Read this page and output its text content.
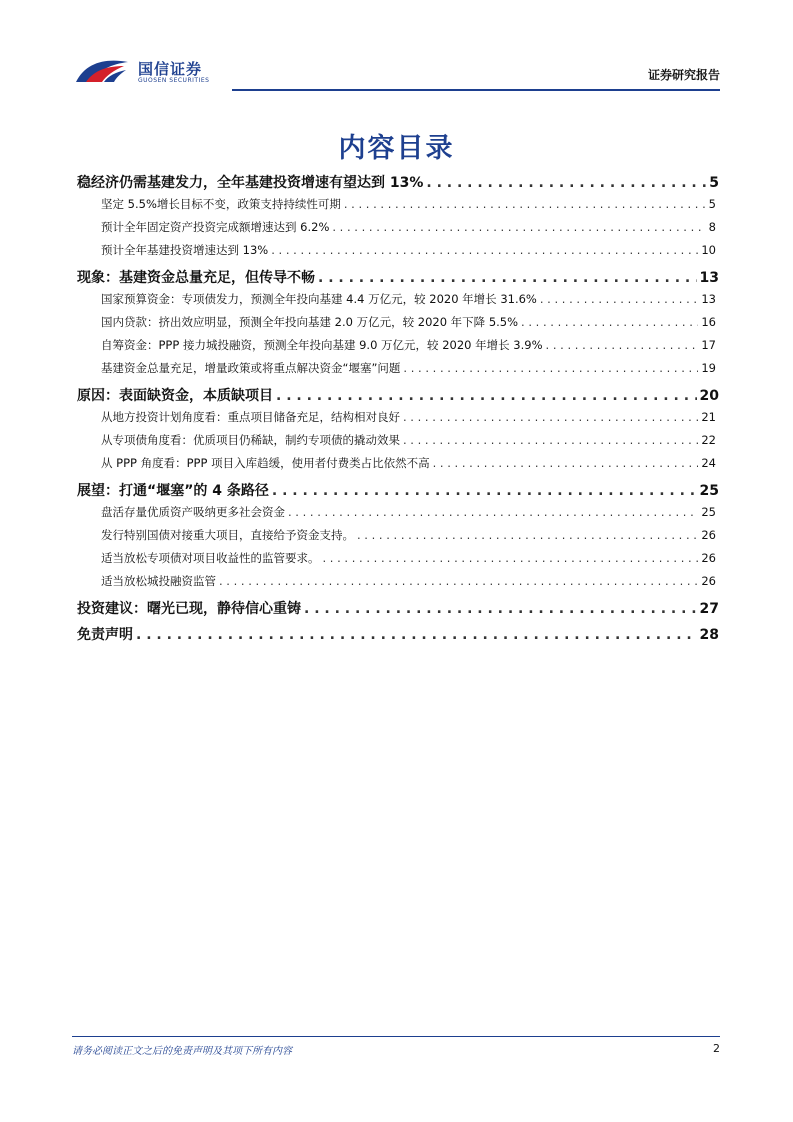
国信证券
GUOSEN SECURITIES	证券研究报告
内容目录
稳经济仍需基建发力，全年基建投资增速有望达到 13% . . .	5
坚定 5.5%增长目标不变，政策支持持续性可期 . . .	5
预计全年固定资产投资完成额增速达到 6.2% . . .	8
预计全年基建投资增速达到 13% . . .	10
现象：基建资金总量充足，但传导不畅 . . .	13
国家预算资金：专项债发力，预测全年投向基建 4.4 万亿元，较 2020 年增长 31.6% . . .	13
国内贷款：挤出效应明显，预测全年投向基建 2.0 万亿元，较 2020 年下降 5.5% . . .	16
自筹资金：PPP 接力城投融资，预测全年投向基建 9.0 万亿元，较 2020 年增长 3.9% . . .	17
基建资金总量充足，增量政策或将重点解决资金“堰塞”问题 . . .	19
原因：表面缺资金，本质缺项目 . . .	20
从地方投资计划角度看：重点项目储备充足，结构相对良好 . . .	21
从专项债角度看：优质项目仍稀缺，制约专项债的撬动效果 . . .	22
从 PPP 角度看：PPP 项目入库趋缓，使用者付费类占比依然不高 . . .	24
展望：打通“堰塞”的 4 条路径 . . .	25
盘活存量优质资产吸纳更多社会资金 . . .	25
发行特别国债对接重大项目，直接给予资金支持。 . . .	26
适当放松专项债对项目收益性的监管要求。 . . .	26
适当放松城投融资监管 . . .	26
投资建议：曙光已现，静待信心重铸 . . .	27
免责声明 . . .	28
请务必阅读正文之后的免责声明及其项下所有内容	2
